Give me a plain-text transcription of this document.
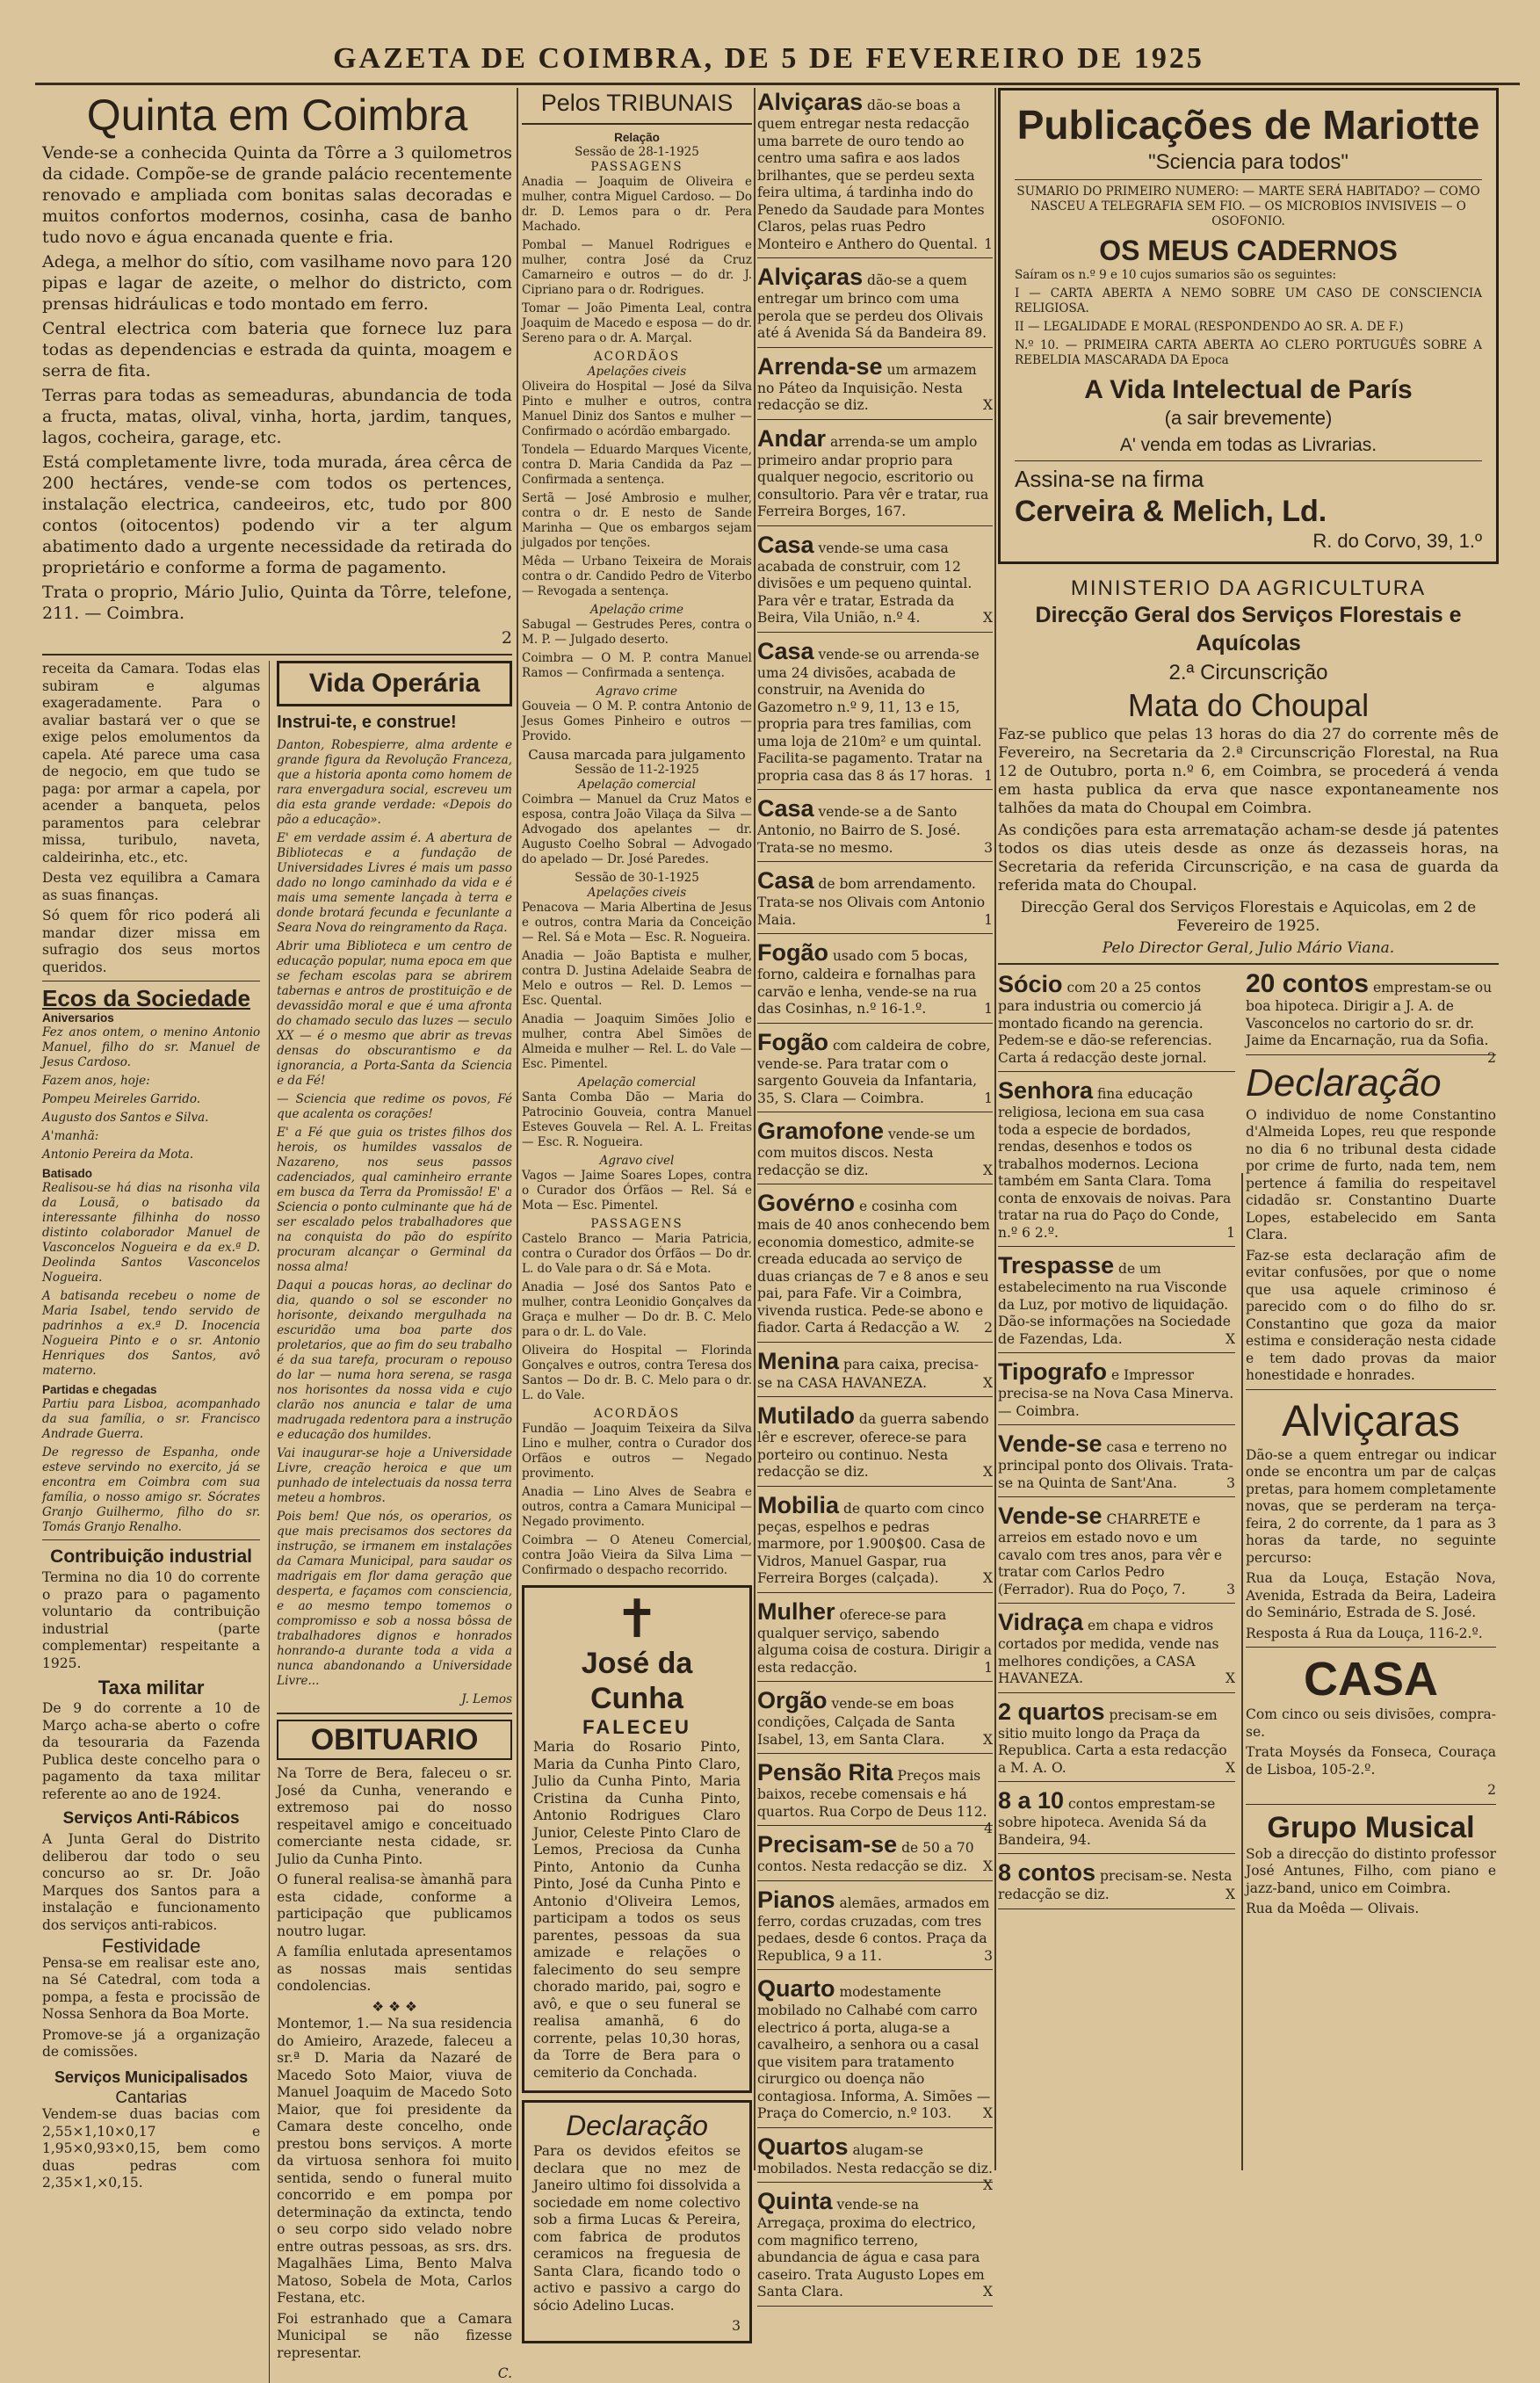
GAZETA DE COIMBRA, DE 5 DE FEVEREIRO DE 1925
Quinta em Coimbra

Vende-se a conhecida Quinta da Tôrre a 3 quilometros da cidade. Compõe-se de grande palácio recentemente renovado e ampliada com bonitas salas decoradas e muitos confortos modernos, cosinha, casa de banho tudo novo e água encanada quente e fria.

Adega, a melhor do sítio, com vasilhame novo para 120 pipas e lagar de azeite, o melhor do districto, com prensas hidráulicas e todo montado em ferro.

Central electrica com bateria que fornece luz para todas as dependencias e estrada da quinta, moagem e serra de fita.

Terras para todas as semeaduras, abundancia de toda a fructa, matas, olival, vinha, horta, jardim, tanques, lagos, cocheira, garage, etc.

Está completamente livre, toda murada, área cêrca de 200 hectáres, vende-se com todos os pertences, instalação electrica, candeeiros, etc, tudo por 800 contos (oitocentos) podendo vir a ter algum abatimento dado a urgente necessidade da retirada do proprietário e conforme a forma de pagamento.

Trata o proprio, Mário Julio, Quinta da Tôrre, telefone, 211. — Coimbra.

2

receita da Camara. Todas elas subiram e algumas exageradamente. Para o avaliar bastará ver o que se exige pelos emolumentos da capela. Até parece uma casa de negocio, em que tudo se paga: por armar a capela, por acender a banqueta, pelos paramentos para celebrar missa, turibulo, naveta, caldeirinha, etc., etc.

Desta vez equilibra a Camara as suas finanças.

Só quem fôr rico poderá ali mandar dizer missa em sufragio dos seus mortos queridos.

Ecos da Sociedade
Aniversarios

Fez anos ontem, o menino Antonio Manuel, filho do sr. Manuel de Jesus Cardoso.

Fazem anos, hoje:

Pompeu Meireles Garrido.

Augusto dos Santos e Silva.

A'manhã:

Antonio Pereira da Mota.

Batisado

Realisou-se há dias na risonha vila da Lousã, o batisado da interessante filhinha do nosso distinto colaborador Manuel de Vasconcelos Nogueira e da ex.ª D. Deolinda Santos Vasconcelos Nogueira.

A batisanda recebeu o nome de Maria Isabel, tendo servido de padrinhos a ex.ª D. Inocencia Nogueira Pinto e o sr. Antonio Henriques dos Santos, avô materno.

Partidas e chegadas

Partiu para Lisboa, acompanhado da sua família, o sr. Francisco Andrade Guerra.

De regresso de Espanha, onde esteve servindo no exercito, já se encontra em Coimbra com sua família, o nosso amigo sr. Sócrates Granjo Guilhermo, filho do sr. Tomás Granjo Renalho.

Contribuição industrial

Termina no dia 10 do corrente o prazo para o pagamento voluntario da contribuição industrial (parte complementar) respeitante a 1925.

Taxa militar

De 9 do corrente a 10 de Março acha-se aberto o cofre da tesouraria da Fazenda Publica deste concelho para o pagamento da taxa militar referente ao ano de 1924.

Serviços Anti-Rábicos

A Junta Geral do Distrito deliberou dar todo o seu concurso ao sr. Dr. João Marques dos Santos para a instalação e funcionamento dos serviços anti-rabicos.

Festividade

Pensa-se em realisar este ano, na Sé Catedral, com toda a pompa, a festa e procissão de Nossa Senhora da Boa Morte.

Promove-se já a organização de comissões.

Serviços Municipalisados
Cantarias

Vendem-se duas bacias com 2,55×1,10×0,17 e 1,95×0,93×0,15, bem como duas pedras com 2,35×1,×0,15.

Vida Operária
Instrui-te, e construe!

Danton, Robespierre, alma ardente e grande figura da Revolução Franceza, que a historia aponta como homem de rara envergadura social, escreveu um dia esta grande verdade: «Depois do pão a educação».

E' em verdade assim é. A abertura de Bibliotecas e a fundação de Universidades Livres é mais um passo dado no longo caminhado da vida e é mais uma semente lançada à terra e donde brotará fecunda e fecunlante a Seara Nova do reingramento da Raça.

Abrir uma Biblioteca e um centro de educação popular, numa epoca em que se fecham escolas para se abrirem tabernas e antros de prostituição e de devassidão moral e que é uma afronta do chamado seculo das luzes — seculo XX — é o mesmo que abrir as trevas densas do obscurantismo e da ignorancia, a Porta-Santa da Sciencia e da Fé!

— Sciencia que redime os povos, Fé que acalenta os corações!

E' a Fé que guia os tristes filhos dos herois, os humildes vassalos de Nazareno, nos seus passos cadenciados, qual caminheiro errante em busca da Terra da Promissão! E' a Sciencia o ponto culminante que há de ser escalado pelos trabalhadores que na conquista do pão do espírito procuram alcançar o Germinal da nossa alma!

Daqui a poucas horas, ao declinar do dia, quando o sol se esconder no horisonte, deixando mergulhada na escuridão uma boa parte dos proletarios, que ao fim do seu trabalho é da sua tarefa, procuram o repouso do lar — numa hora serena, se rasga nos horisontes da nossa vida e cujo clarão nos anuncia e talar de uma madrugada redentora para a instrução e educação dos humildes.

Vai inaugurar-se hoje a Universidade Livre, creação heroica e que um punhado de intelectuais da nossa terra meteu a hombros.

Pois bem! Que nós, os operarios, os que mais precisamos dos sectores da instrução, se irmanem em instalações da Camara Municipal, para saudar os madrigais em flor dama geração que desperta, e façamos com consciencia, e ao mesmo tempo tomemos o compromisso e sob a nossa bôssa de trabalhadores dignos e honrados honrando-a durante toda a vida a nunca abandonando a Universidade Livre...

J. Lemos
OBITUARIO

Na Torre de Bera, faleceu o sr. José da Cunha, venerando e extremoso pai do nosso respeitavel amigo e conceituado comerciante nesta cidade, sr. Julio da Cunha Pinto.

O funeral realisa-se àmanhã para esta cidade, conforme a participação que publicamos noutro lugar.

A família enlutada apresentamos as nossas mais sentidas condolencias.

❖ ❖ ❖

Montemor, 1.— Na sua residencia do Amieiro, Arazede, faleceu a sr.ª D. Maria da Nazaré de Macedo Soto Maior, viuva de Manuel Joaquim de Macedo Soto Maior, que foi presidente da Camara deste concelho, onde prestou bons serviços. A morte da virtuosa senhora foi muito sentida, sendo o funeral muito concorrido e em pompa por determinação da extincta, tendo o seu corpo sido velado nobre entre outras pessoas, as srs. drs. Magalhães Lima, Bento Malva Matoso, Sobela de Mota, Carlos Festana, etc.

Foi estranhado que a Camara Municipal se não fizesse representar.

C.
Pelos TRIBUNAIS
Relação
Sessão de 28-1-1925
PASSAGENS

Anadia — Joaquim de Oliveira e mulher, contra Miguel Cardoso. — Do dr. D. Lemos para o dr. Pera Machado.

Pombal — Manuel Rodrigues e mulher, contra José da Cruz Camarneiro e outros — do dr. J. Cipriano para o dr. Rodrigues.

Tomar — João Pimenta Leal, contra Joaquim de Macedo e esposa — do dr. Sereno para o dr. A. Marçal.

ACORDÃOS
Apelações civeis

Oliveira do Hospital — José da Silva Pinto e mulher e outros, contra Manuel Diniz dos Santos e mulher — Confirmado o acórdão embargado.

Tondela — Eduardo Marques Vicente, contra D. Maria Candida da Paz — Confirmada a sentença.

Sertã — José Ambrosio e mulher, contra o dr. E nesto de Sande Marinha — Que os embargos sejam julgados por tenções.

Mêda — Urbano Teixeira de Morais contra o dr. Candido Pedro de Viterbo — Revogada a sentença.

Apelação crime

Sabugal — Gestrudes Peres, contra o M. P. — Julgado deserto.

Coimbra — O M. P. contra Manuel Ramos — Confirmada a sentença.

Agravo crime

Gouveia — O M. P. contra Antonio de Jesus Gomes Pinheiro e outros — Provido.

Causa marcada para julgamento
Sessão de 11-2-1925
Apelação comercial

Coimbra — Manuel da Cruz Matos e esposa, contra João Vilaça da Silva — Advogado dos apelantes — dr. Augusto Coelho Sobral — Advogado do apelado — Dr. José Paredes.

Sessão de 30-1-1925
Apelações civeis

Penacova — Maria Albertina de Jesus e outros, contra Maria da Conceição — Rel. Sá e Mota — Esc. R. Nogueira.

Anadia — João Baptista e mulher, contra D. Justina Adelaide Seabra de Melo e outros — Rel. D. Lemos — Esc. Quental.

Anadia — Joaquim Simões Jolio e mulher, contra Abel Simões de Almeida e mulher — Rel. L. do Vale — Esc. Pimentel.

Apelação comercial

Santa Comba Dão — Maria do Patrocinio Gouveia, contra Manuel Esteves Gouvela — Rel. A. L. Freitas — Esc. R. Nogueira.

Agravo civel

Vagos — Jaime Soares Lopes, contra o Curador dos Órfãos — Rel. Sá e Mota — Esc. Pimentel.

PASSAGENS

Castelo Branco — Maria Patricia, contra o Curador dos Órfãos — Do dr. L. do Vale para o dr. Sá e Mota.

Anadia — José dos Santos Pato e mulher, contra Leonidio Gonçalves da Graça e mulher — Do dr. B. C. Melo para o dr. L. do Vale.

Oliveira do Hospital — Florinda Gonçalves e outros, contra Teresa dos Santos — Do dr. B. C. Melo para o dr. L. do Vale.

ACORDÃOS

Fundão — Joaquim Teixeira da Silva Lino e mulher, contra o Curador dos Orfãos e outros — Negado provimento.

Anadia — Lino Alves de Seabra e outros, contra a Camara Municipal — Negado provimento.

Coimbra — O Ateneu Comercial, contra João Vieira da Silva Lima — Confirmado o despacho recorrido.

✝
José da Cunha
FALECEU

Maria do Rosario Pinto, Maria da Cunha Pinto Claro, Julio da Cunha Pinto, Maria Cristina da Cunha Pinto, Antonio Rodrigues Claro Junior, Celeste Pinto Claro de Lemos, Preciosa da Cunha Pinto, Antonio da Cunha Pinto, José da Cunha Pinto e Antonio d'Oliveira Lemos, participam a todos os seus parentes, pessoas da sua amizade e relações o falecimento do seu sempre chorado marido, pai, sogro e avô, e que o seu funeral se realisa amanhã, 6 do corrente, pelas 10,30 horas, da Torre de Bera para o cemiterio da Conchada.

Declaração

Para os devidos efeitos se declara que no mez de Janeiro ultimo foi dissolvida a sociedade em nome colectivo sob a firma Lucas & Pereira, com fabrica de produtos ceramicos na freguesia de Santa Clara, ficando todo o activo e passivo a cargo do sócio Adelino Lucas.

3
Alviçaras dão-se boas a quem entregar nesta redacção uma barrete de ouro tendo ao centro uma safira e aos lados brilhantes, que se perdeu sexta feira ultima, á tardinha indo do Penedo da Saudade para Montes Claros, pelas ruas Pedro Monteiro e Anthero do Quental. 1
Alviçaras dão-se a quem entregar um brinco com uma perola que se perdeu dos Olivais até á Avenida Sá da Bandeira 89.
Arrenda-se um armazem no Páteo da Inquisição. Nesta redacção se diz.	X
Andar arrenda-se um amplo primeiro andar proprio para qualquer negocio, escritorio ou consultorio. Para vêr e tratar, rua Ferreira Borges, 167.
Casa vende-se uma casa acabada de construir, com 12 divisões e um pequeno quintal. Para vêr e tratar, Estrada da Beira, Vila União, n.º 4.	X
Casa vende-se ou arrenda-se uma 24 divisões, acabada de construir, na Avenida do Gazometro n.º 9, 11, 13 e 15, propria para tres familias, com uma loja de 210m² e um quintal. Facilita-se pagamento. Tratar na propria casa das 8 ás 17 horas. 1
Casa vende-se a de Santo Antonio, no Bairro de S. José. Trata-se no mesmo.	3
Casa de bom arrendamento. Trata-se nos Olivais com Antonio Maia.	1
Fogão usado com 5 bocas, forno, caldeira e fornalhas para carvão e lenha, vende-se na rua das Cosinhas, n.º 16-1.º.	1
Fogão com caldeira de cobre, vende-se. Para tratar com o sargento Gouveia da Infantaria, 35, S. Clara — Coimbra.	1
Gramofone vende-se um com muitos discos. Nesta redacção se diz.	X
Govérno e cosinha com mais de 40 anos conhecendo bem economia domestico, admite-se creada educada ao serviço de duas crianças de 7 e 8 anos e seu pai, para Fafe. Vir a Coimbra, vivenda rustica. Pede-se abono e fiador. Carta á Redacção a W. 2
Menina para caixa, precisa-se na CASA HAVANEZA.	X
Mutilado da guerra sabendo lêr e escrever, oferece-se para porteiro ou continuo. Nesta redacção se diz.	X
Mobilia de quarto com cinco peças, espelhos e pedras marmore, por 1.900$00. Casa de Vidros, Manuel Gaspar, rua Ferreira Borges (calçada).	X
Mulher oferece-se para qualquer serviço, sabendo alguma coisa de costura. Dirigir a esta redacção.	1
Orgão vende-se em boas condições, Calçada de Santa Isabel, 13, em Santa Clara.	X
Pensão Rita Preços mais baixos, recebe comensais e há quartos. Rua Corpo de Deus 112.
4
Precisam-se de 50 a 70 contos. Nesta redacção se diz. X
Pianos alemães, armados em ferro, cordas cruzadas, com tres pedaes, desde 6 contos. Praça da Republica, 9 a 11.	3
Quarto modestamente mobilado no Calhabé com carro electrico á porta, aluga-se a cavalheiro, a senhora ou a casal que visitem para tratamento cirurgico ou doença não contagiosa. Informa, A. Simões — Praça do Comercio, n.º 103. X
Quartos alugam-se mobilados. Nesta redacção se diz.
X
Quinta vende-se na Arregaça, proxima do electrico, com magnifico terreno, abundancia de água e casa para caseiro. Trata Augusto Lopes em Santa Clara.	X
Publicações de Mariotte
"Sciencia para todos"

SUMARIO DO PRIMEIRO NUMERO: — MARTE SERÁ HABITADO? — COMO NASCEU A TELEGRAFIA SEM FIO. — OS MICROBIOS INVISIVEIS — O OSOFONIO.

OS MEUS CADERNOS

Saíram os n.º 9 e 10 cujos sumarios são os seguintes:

I — CARTA ABERTA A NEMO SOBRE UM CASO DE CONSCIENCIA RELIGIOSA.

II — LEGALIDADE E MORAL (RESPONDENDO AO SR. A. DE F.)

N.º 10. — PRIMEIRA CARTA ABERTA AO CLERO PORTUGUÊS SOBRE A REBELDIA MASCARADA DA Epoca

A Vida Intelectual de París
(a sair brevemente)
A' venda em todas as Livrarias.
Assina-se na firma
Cerveira & Melich, Ld.
R. do Corvo, 39, 1.º
MINISTERIO DA AGRICULTURA
Direcção Geral dos Serviços Florestais e Aquícolas
2.ª Circunscrição
Mata do Choupal

Faz-se publico que pelas 13 horas do dia 27 do corrente mês de Fevereiro, na Secretaria da 2.ª Circunscrição Florestal, na Rua 12 de Outubro, porta n.º 6, em Coimbra, se procederá á venda em hasta publica da erva que nasce expontaneamente nos talhões da mata do Choupal em Coimbra.

As condições para esta arrematação acham-se desde já patentes todos os dias uteis desde as onze ás dezasseis horas, na Secretaria da referida Circunscrição, e na casa de guarda da referida mata do Choupal.

Direcção Geral dos Serviços Florestais e Aquicolas, em 2 de Fevereiro de 1925.

Pelo Director Geral, Julio Mário Viana.

Sócio com 20 a 25 contos para industria ou comercio já montado ficando na gerencia. Pedem-se e dão-se referencias. Carta á redacção deste jornal.
Senhora fina educação religiosa, leciona em sua casa toda a especie de bordados, rendas, desenhos e todos os trabalhos modernos. Leciona também em Santa Clara. Toma conta de enxovais de noivas. Para tratar na rua do Paço do Conde, n.º 6 2.º.	1
Trespasse de um estabelecimento na rua Visconde da Luz, por motivo de liquidação. Dão-se informações na Sociedade de Fazendas, Lda.	X
Tipografo e Impressor precisa-se na Nova Casa Minerva. — Coimbra.
Vende-se casa e terreno no principal ponto dos Olivais. Trata-se na Quinta de Sant'Ana.	3
Vende-se CHARRETE e arreios em estado novo e um cavalo com tres anos, para vêr e tratar com Carlos Pedro (Ferrador). Rua do Poço, 7.	3
Vidraça em chapa e vidros cortados por medida, vende nas melhores condições, a CASA HAVANEZA.	X
2 quartos precisam-se em sitio muito longo da Praça da Republica. Carta a esta redacção a M. A. O.	X
8 a 10 contos emprestam-se sobre hipoteca. Avenida Sá da Bandeira, 94.
8 contos precisam-se. Nesta redacção se diz.	X
20 contos emprestam-se ou boa hipoteca. Dirigir a J. A. de Vasconcelos no cartorio do sr. dr. Jaime da Encarnação, rua da Sofia.
2
Declaração

O individuo de nome Constantino d'Almeida Lopes, reu que responde no dia 6 no tribunal desta cidade por crime de furto, nada tem, nem pertence á familia do respeitavel cidadão sr. Constantino Duarte Lopes, estabelecido em Santa Clara.

Faz-se esta declaração afim de evitar confusões, por que o nome que usa aquele criminoso é parecido com o do filho do sr. Constantino que goza da maior estima e consideração nesta cidade e tem dado provas da maior honestidade e honrades.

Alviçaras

Dão-se a quem entregar ou indicar onde se encontra um par de calças pretas, para homem completamente novas, que se perderam na terça-feira, 2 do corrente, da 1 para as 3 horas da tarde, no seguinte percurso:

Rua da Louça, Estação Nova, Avenida, Estrada da Beira, Ladeira do Seminário, Estrada de S. José.

Resposta á Rua da Louça, 116-2.º.

CASA

Com cinco ou seis divisões, compra-se.

Trata Moysés da Fonseca, Couraça de Lisboa, 105-2.º.

2
Grupo Musical

Sob a direcção do distinto professor José Antunes, Filho, com piano e jazz-band, unico em Coimbra.

Rua da Moêda — Olivais.
